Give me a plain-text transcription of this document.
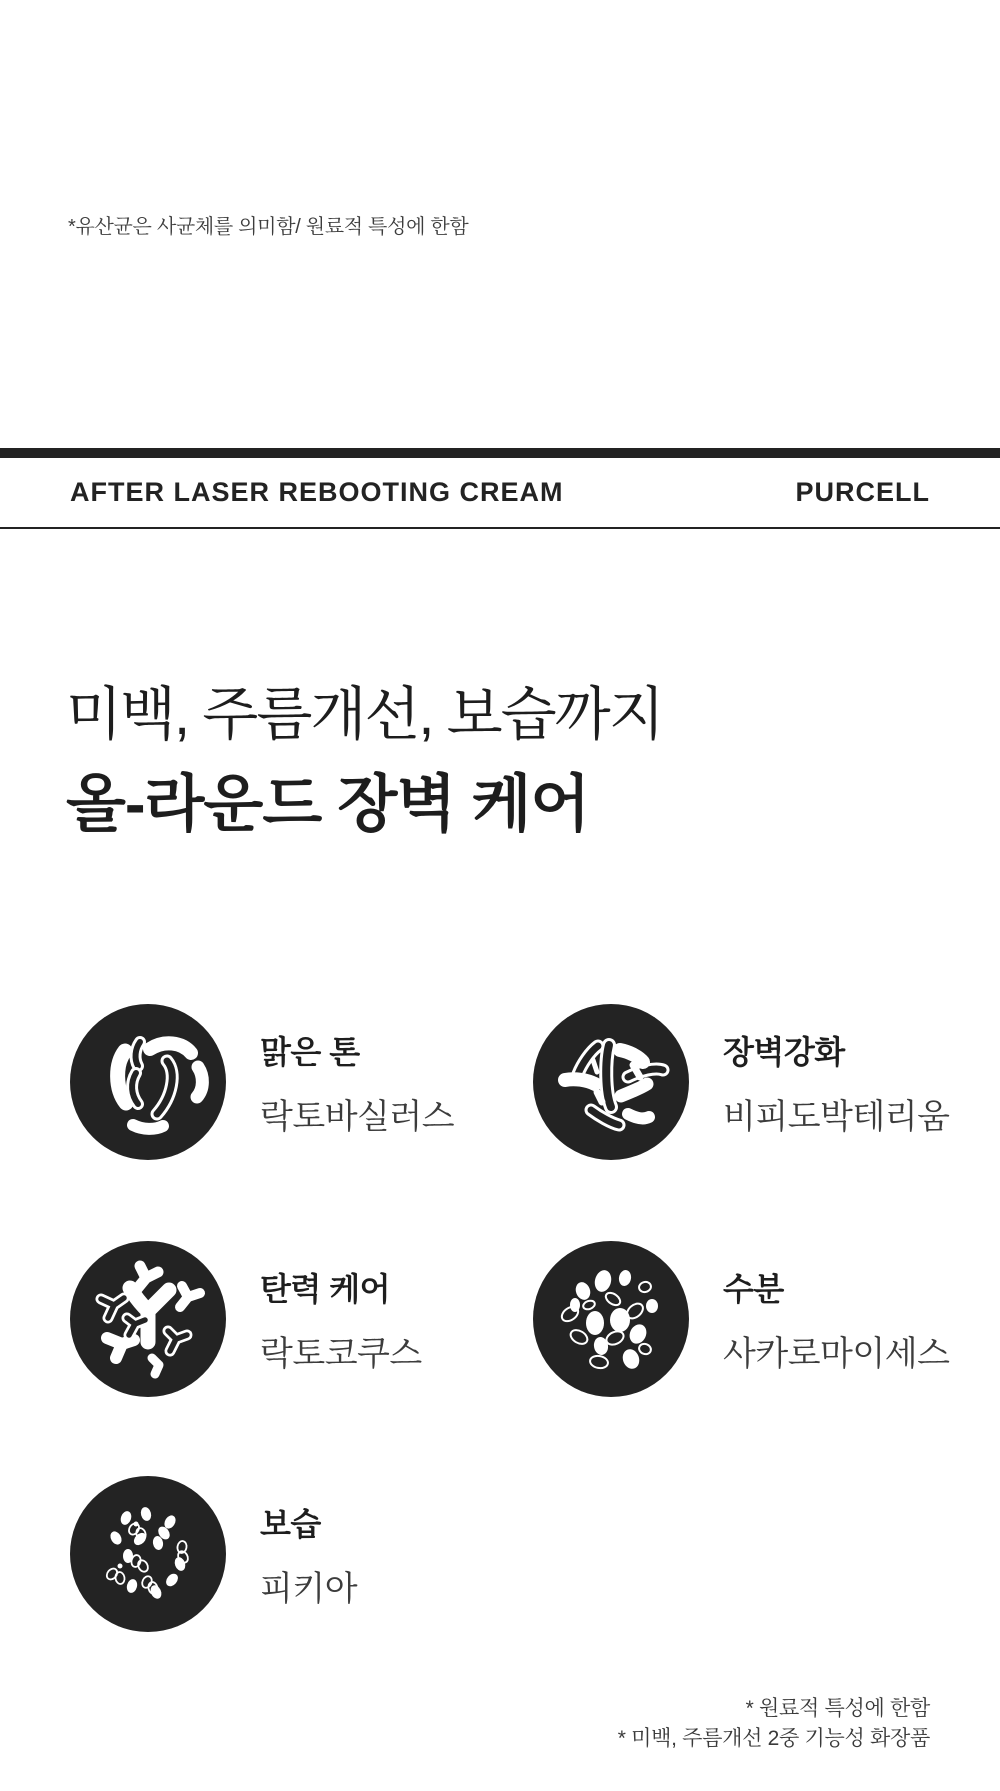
*유산균은 사균체를 의미함/ 원료적 특성에 한함
AFTER LASER REBOOTING CREAM	PURCELL
미백, 주름개선, 보습까지
올-라운드 장벽 케어
맑은 톤
락토바실러스
장벽강화
비피도박테리움
탄력 케어
락토코쿠스
수분
사카로마이세스
보습
피키아
* 원료적 특성에 한함
* 미백, 주름개선 2중 기능성 화장품
